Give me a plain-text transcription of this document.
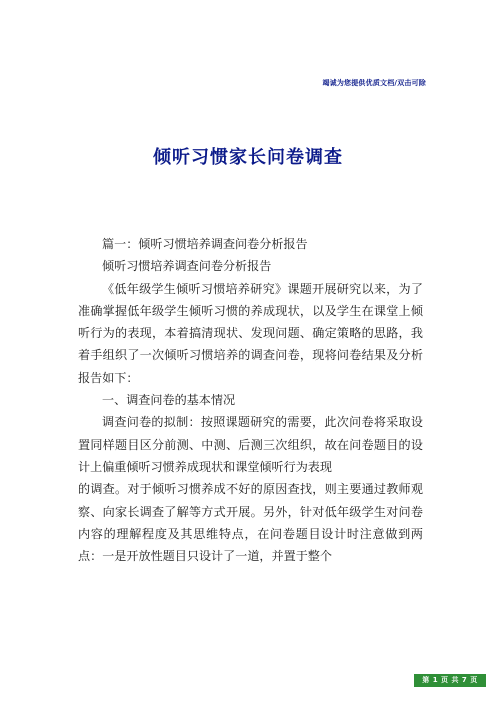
竭诚为您提供优质文档/双击可除
倾听习惯家长问卷调查

篇一：倾听习惯培养调查问卷分析报告

倾听习惯培养调查问卷分析报告

《低年级学生倾听习惯培养研究》课题开展研究以来，为了准确掌握低年级学生倾听习惯的养成现状，以及学生在课堂上倾听行为的表现，本着搞清现状、发现问题、确定策略的思路，我着手组织了一次倾听习惯培养的调查问卷，现将问卷结果及分析报告如下：

一、调查问卷的基本情况

调查问卷的拟制：按照课题研究的需要，此次问卷将采取设置同样题目区分前测、中测、后测三次组织，故在问卷题目的设计上偏重倾听习惯养成现状和课堂倾听行为表现

的调查。对于倾听习惯养成不好的原因查找，则主要通过教师观察、向家长调查了解等方式开展。另外，针对低年级学生对问卷内容的理解程度及其思维特点，在问卷题目设计时注意做到两点：一是开放性题目只设计了一道，并置于整个

第 1 页 共 7 页
